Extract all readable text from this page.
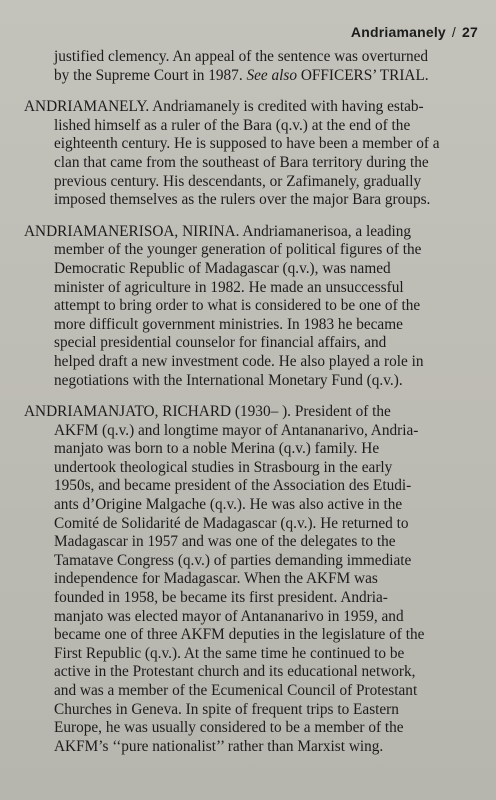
Andriamanely / 27
justified clemency. An appeal of the sentence was overturned
by the Supreme Court in 1987. See also OFFICERS’ TRIAL.
ANDRIAMANELY. Andriamanely is credited with having estab-
lished himself as a ruler of the Bara (q.v.) at the end of the
eighteenth century. He is supposed to have been a member of a
clan that came from the southeast of Bara territory during the
previous century. His descendants, or Zafimanely, gradually
imposed themselves as the rulers over the major Bara groups.
ANDRIAMANERISOA, NIRINA. Andriamanerisoa, a leading
member of the younger generation of political figures of the
Democratic Republic of Madagascar (q.v.), was named
minister of agriculture in 1982. He made an unsuccessful
attempt to bring order to what is considered to be one of the
more difficult government ministries. In 1983 he became
special presidential counselor for financial affairs, and
helped draft a new investment code. He also played a role in
negotiations with the International Monetary Fund (q.v.).
ANDRIAMANJATO, RICHARD (1930– ). President of the
AKFM (q.v.) and longtime mayor of Antananarivo, Andria-
manjato was born to a noble Merina (q.v.) family. He
undertook theological studies in Strasbourg in the early
1950s, and became president of the Association des Etudi-
ants d’Origine Malgache (q.v.). He was also active in the
Comité de Solidarité de Madagascar (q.v.). He returned to
Madagascar in 1957 and was one of the delegates to the
Tamatave Congress (q.v.) of parties demanding immediate
independence for Madagascar. When the AKFM was
founded in 1958, be became its first president. Andria-
manjato was elected mayor of Antananarivo in 1959, and
became one of three AKFM deputies in the legislature of the
First Republic (q.v.). At the same time he continued to be
active in the Protestant church and its educational network,
and was a member of the Ecumenical Council of Protestant
Churches in Geneva. In spite of frequent trips to Eastern
Europe, he was usually considered to be a member of the
AKFM’s ‘‘pure nationalist’’ rather than Marxist wing.
